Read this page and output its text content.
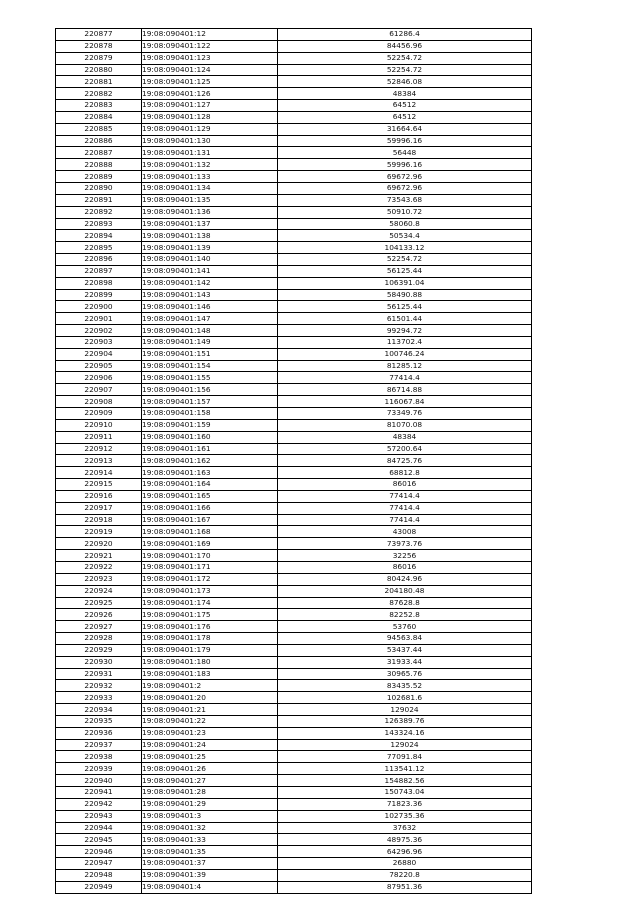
220877	19:08:090401:12	61286.4
220878	19:08:090401:122	84456.96
220879	19:08:090401:123	52254.72
220880	19:08:090401:124	52254.72
220881	19:08:090401:125	52846.08
220882	19:08:090401:126	48384
220883	19:08:090401:127	64512
220884	19:08:090401:128	64512
220885	19:08:090401:129	31664.64
220886	19:08:090401:130	59996.16
220887	19:08:090401:131	56448
220888	19:08:090401:132	59996.16
220889	19:08:090401:133	69672.96
220890	19:08:090401:134	69672.96
220891	19:08:090401:135	73543.68
220892	19:08:090401:136	50910.72
220893	19:08:090401:137	58060.8
220894	19:08:090401:138	50534.4
220895	19:08:090401:139	104133.12
220896	19:08:090401:140	52254.72
220897	19:08:090401:141	56125.44
220898	19:08:090401:142	106391.04
220899	19:08:090401:143	58490.88
220900	19:08:090401:146	56125.44
220901	19:08:090401:147	61501.44
220902	19:08:090401:148	99294.72
220903	19:08:090401:149	113702.4
220904	19:08:090401:151	100746.24
220905	19:08:090401:154	81285.12
220906	19:08:090401:155	77414.4
220907	19:08:090401:156	86714.88
220908	19:08:090401:157	116067.84
220909	19:08:090401:158	73349.76
220910	19:08:090401:159	81070.08
220911	19:08:090401:160	48384
220912	19:08:090401:161	57200.64
220913	19:08:090401:162	84725.76
220914	19:08:090401:163	68812.8
220915	19:08:090401:164	86016
220916	19:08:090401:165	77414.4
220917	19:08:090401:166	77414.4
220918	19:08:090401:167	77414.4
220919	19:08:090401:168	43008
220920	19:08:090401:169	73973.76
220921	19:08:090401:170	32256
220922	19:08:090401:171	86016
220923	19:08:090401:172	80424.96
220924	19:08:090401:173	204180.48
220925	19:08:090401:174	87628.8
220926	19:08:090401:175	82252.8
220927	19:08:090401:176	53760
220928	19:08:090401:178	94563.84
220929	19:08:090401:179	53437.44
220930	19:08:090401:180	31933.44
220931	19:08:090401:183	30965.76
220932	19:08:090401:2	83435.52
220933	19:08:090401:20	102681.6
220934	19:08:090401:21	129024
220935	19:08:090401:22	126389.76
220936	19:08:090401:23	143324.16
220937	19:08:090401:24	129024
220938	19:08:090401:25	77091.84
220939	19:08:090401:26	113541.12
220940	19:08:090401:27	154882.56
220941	19:08:090401:28	150743.04
220942	19:08:090401:29	71823.36
220943	19:08:090401:3	102735.36
220944	19:08:090401:32	37632
220945	19:08:090401:33	48975.36
220946	19:08:090401:35	64296.96
220947	19:08:090401:37	26880
220948	19:08:090401:39	78220.8
220949	19:08:090401:4	87951.36
